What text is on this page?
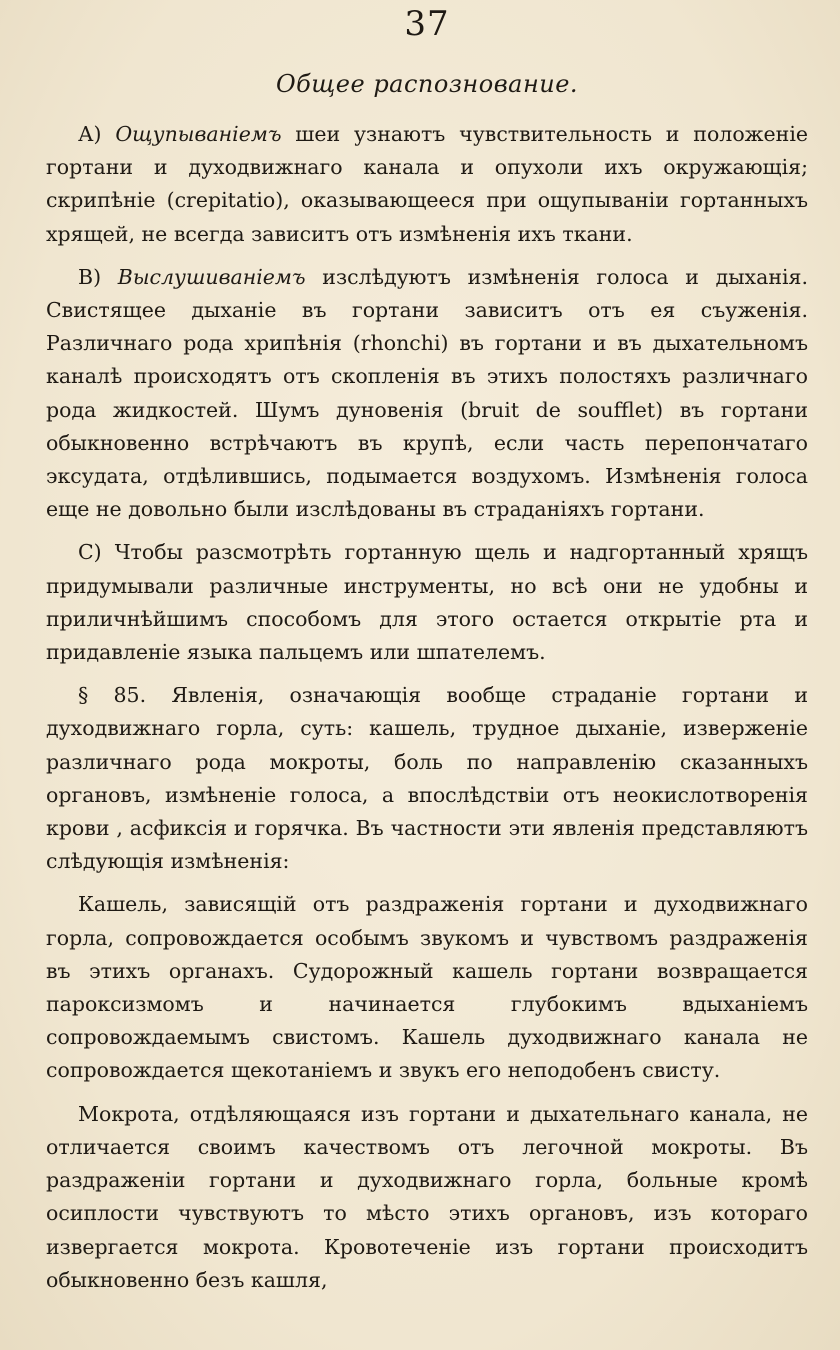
37
Общее распознование.

А) Ощупываніемъ шеи узнаютъ чувствительность и положеніе гортани и духодвижнаго канала и опухоли ихъ окружающія; скрипѣніе (crepitatio), оказывающееся при ощупываніи гортанныхъ хрящей, не всегда зависитъ отъ измѣненія ихъ ткани.

В) Выслушиваніемъ изслѣдуютъ измѣненія голоса и дыханія. Свистящее дыханіе въ гортани зависитъ отъ ея съуженія. Различнаго рода хрипѣнія (rhonchi) въ гортани и въ дыхательномъ каналѣ происходятъ отъ скопленія въ этихъ полостяхъ различнаго рода жидкостей. Шумъ дуновенія (bruit de soufflet) въ гортани обыкновенно встрѣчаютъ въ крупѣ, если часть перепончатаго эксудата, отдѣлившись, подымается воздухомъ. Измѣненія голоса еще не довольно были изслѣдованы въ страданіяхъ гортани.

С) Чтобы разсмотрѣть гортанную щель и надгортанный хрящъ придумывали различные инструменты, но всѣ они не удобны и приличнѣйшимъ способомъ для этого остается открытіе рта и придавленіе языка пальцемъ или шпателемъ.

§ 85. Явленія, означающія вообще страданіе гортани и духодвижнаго горла, суть: кашель, трудное дыханіе, изверженіе различнаго рода мокроты, боль по направленію сказанныхъ органовъ, измѣненіе голоса, а впослѣдствіи отъ неокислотворенія крови , асфиксія и горячка. Въ частности эти явленія представляютъ слѣдующія измѣненія:

Кашель, зависящій отъ раздраженія гортани и духодвижнаго горла, сопровождается особымъ звукомъ и чувствомъ раздраженія въ этихъ органахъ. Судорожный кашель гортани возвращается пароксизмомъ и начинается глубокимъ вдыханіемъ сопровождаемымъ свистомъ. Кашель духодвижнаго канала не сопровождается щекотаніемъ и звукъ его неподобенъ свисту.

Мокрота, отдѣляющаяся изъ гортани и дыхательнаго канала, не отличается своимъ качествомъ отъ легочной мокроты. Въ раздраженіи гортани и духодвижнаго горла, больные кромѣ осиплости чувствуютъ то мѣсто этихъ органовъ, изъ котораго извергается мокрота. Кровотеченіе изъ гортани происходитъ обыкновенно безъ кашля,
